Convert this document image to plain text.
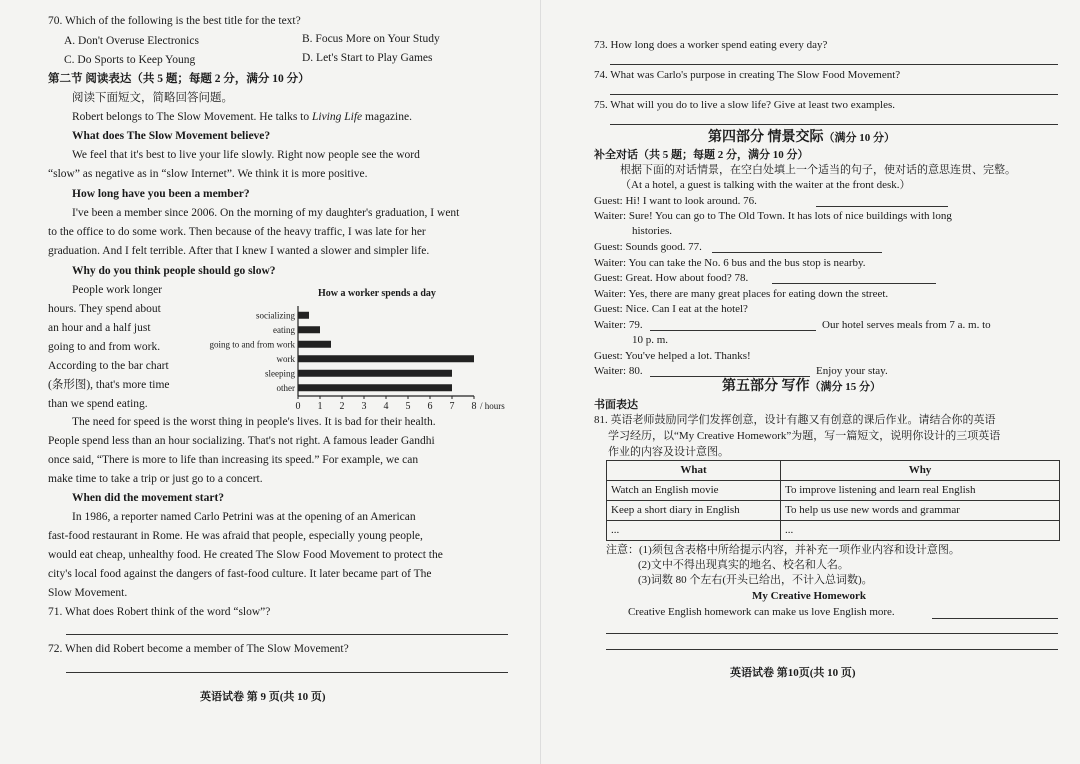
70. Which of the following is the best title for the text?
A. Don't Overuse Electronics	B. Focus More on Your Study
C. Do Sports to Keep Young	D. Let's Start to Play Games
第二节 阅读表达（共 5 题；每题 2 分，满分 10 分）
阅读下面短文，简略回答问题。
Robert belongs to The Slow Movement. He talks to Living Life magazine.
What does The Slow Movement believe?
We feel that it's best to live your life slowly. Right now people see the word
“slow” as negative as in “slow Internet”. We think it is more positive.
How long have you been a member?
I've been a member since 2006. On the morning of my daughter's graduation, I went
to the office to do some work. Then because of the heavy traffic, I was late for her
graduation. And I felt terrible. After that I knew I wanted a slower and simpler life.
Why do you think people should go slow?
People work longer
hours. They spend about
an hour and a half just
going to and from work.
According to the bar chart
(条形图), that's more time
than we spend eating.
How a worker spends a day
socializing
eating
going to and from work
work
sleeping
other
0 1 2 3 4 5 6 7 8 / hours
The need for speed is the worst thing in people's lives. It is bad for their health.
People spend less than an hour socializing. That's not right. A famous leader Gandhi
once said, “There is more to life than increasing its speed.” For example, we can
make time to take a trip or just go to a concert.
When did the movement start?
In 1986, a reporter named Carlo Petrini was at the opening of an American
fast-food restaurant in Rome. He was afraid that people, especially young people,
would eat cheap, unhealthy food. He created The Slow Food Movement to protect the
city's local food against the dangers of fast-food culture. It later became part of The
Slow Movement.
71. What does Robert think of the word “slow”?
72. When did Robert become a member of The Slow Movement?
英语试卷 第 9 页(共 10 页)
73. How long does a worker spend eating every day?
74. What was Carlo's purpose in creating The Slow Food Movement?
75. What will you do to live a slow life? Give at least two examples.
第四部分 情景交际（满分 10 分）
补全对话（共 5 题；每题 2 分，满分 10 分）
根据下面的对话情景，在空白处填上一个适当的句子，使对话的意思连贯、完整。
（At a hotel, a guest is talking with the waiter at the front desk.）
Guest: Hi! I want to look around. 76.
Waiter: Sure! You can go to The Old Town. It has lots of nice buildings with long
histories.
Guest: Sounds good. 77.
Waiter: You can take the No. 6 bus and the bus stop is nearby.
Guest: Great. How about food? 78.
Waiter: Yes, there are many great places for eating down the street.
Guest: Nice. Can I eat at the hotel?
Waiter: 79.	Our hotel serves meals from 7 a. m. to
10 p. m.
Guest: You've helped a lot. Thanks!
Waiter: 80.	Enjoy your stay.
第五部分 写作（满分 15 分）
书面表达
81. 英语老师鼓励同学们发挥创意，设计有趣又有创意的课后作业。请结合你的英语
学习经历，以“My Creative Homework”为题，写一篇短文，说明你设计的三项英语
作业的内容及设计意图。
What	Why
Watch an English movie	To improve listening and learn real English
Keep a short diary in English	To help us use new words and grammar
...	...
注意：(1)须包含表格中所给提示内容，并补充一项作业内容和设计意图。
(2)文中不得出现真实的地名、校名和人名。
(3)词数 80 个左右(开头已给出，不计入总词数)。
My Creative Homework
Creative English homework can make us love English more.
英语试卷 第10页(共 10 页)
